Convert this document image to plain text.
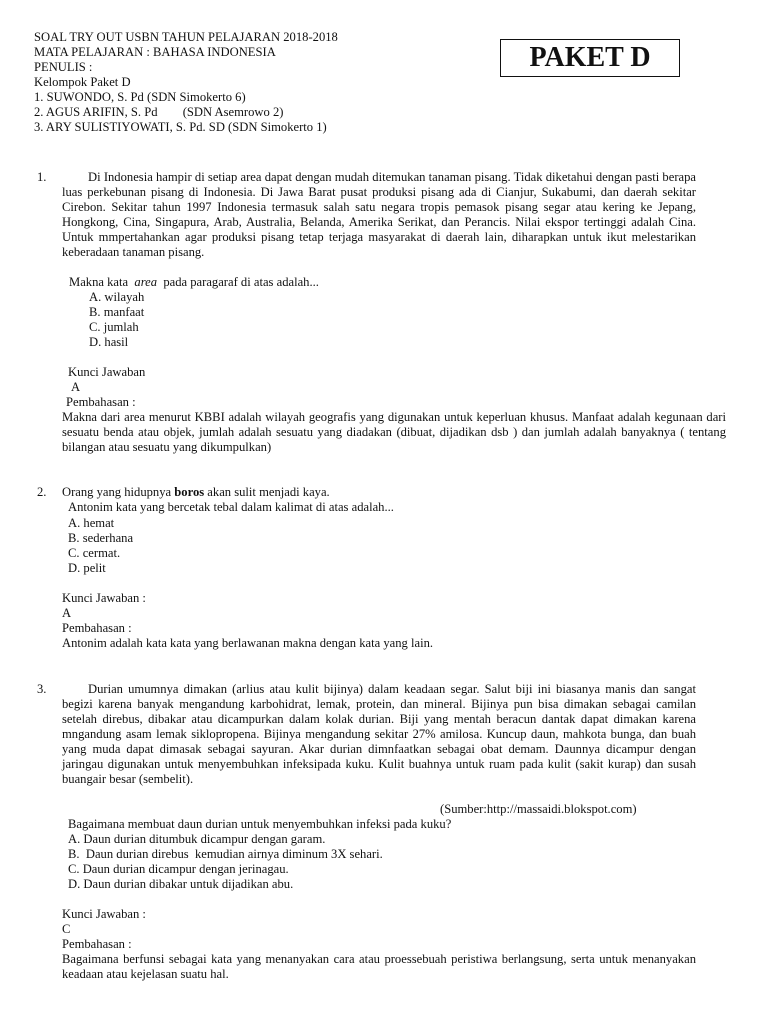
SOAL TRY OUT USBN TAHUN PELAJARAN 2018-2018
MATA PELAJARAN : BAHASA INDONESIA
PENULIS :
Kelompok Paket D
1. SUWONDO, S. Pd (SDN Simokerto 6)
2. AGUS ARIFIN, S. Pd        (SDN Asemrowo 2)
3. ARY SULISTIYOWATI, S. Pd. SD (SDN Simokerto 1)
PAKET D
1.	Di Indonesia hampir di setiap area dapat dengan mudah ditemukan tanaman pisang. Tidak diketahui dengan pasti berapa luas perkebunan pisang di Indonesia. Di Jawa Barat pusat produksi pisang ada di Cianjur, Sukabumi, dan daerah sekitar Cirebon. Sekitar tahun 1997 Indonesia termasuk salah satu negara tropis pemasok pisang segar atau kering ke Jepang, Hongkong, Cina, Singapura, Arab, Australia, Belanda, Amerika Serikat, dan Perancis. Nilai ekspor tertinggi adalah Cina. Untuk mmpertahankan agar produksi pisang tetap terjaga masyarakat di daerah lain, diharapkan untuk ikut melestarikan keberadaan tanaman pisang.
Makna kata  area  pada paragaraf di atas adalah...
A. wilayah
B. manfaat
C. jumlah
D. hasil
Kunci Jawaban
A
Pembahasan :
Makna dari area menurut KBBI adalah wilayah geografis yang digunakan untuk keperluan khusus. Manfaat adalah kegunaan dari sesuatu benda atau objek, jumlah adalah sesuatu yang diadakan (dibuat, dijadikan dsb ) dan jumlah adalah banyaknya ( tentang bilangan atau sesuatu yang dikumpulkan)
2. Orang yang hidupnya boros akan sulit menjadi kaya.
Antonim kata yang bercetak tebal dalam kalimat di atas adalah...
A. hemat
B. sederhana
C. cermat.
D. pelit
Kunci Jawaban :
A
Pembahasan :
Antonim adalah kata kata yang berlawanan makna dengan kata yang lain.
3.	Durian umumnya dimakan (arlius atau kulit bijinya) dalam keadaan segar. Salut biji ini biasanya manis dan sangat begizi karena banyak mengandung karbohidrat, lemak, protein, dan mineral. Bijinya pun bisa dimakan sebagai camilan setelah direbus, dibakar atau dicampurkan dalam kolak durian. Biji yang mentah beracun dantak dapat dimakan karena mngandung asam lemak siklopropena. Bijinya mengandung sekitar 27% amilosa. Kuncup daun, mahkota bunga, dan buah yang muda dapat dimasak sebagai sayuran. Akar durian dimnfaatkan sebagai obat demam. Daunnya dicampur dengan jaringau digunakan untuk menyembuhkan infeksipada kuku. Kulit buahnya untuk ruam pada kulit (sakit kurap) dan susah buangair besar (sembelit).
(Sumber:http://massaidi.blokspot.com)
Bagaimana membuat daun durian untuk menyembuhkan infeksi pada kuku?
A. Daun durian ditumbuk dicampur dengan garam.
B.  Daun durian direbus  kemudian airnya diminum 3X sehari.
C. Daun durian dicampur dengan jerinagau.
D. Daun durian dibakar untuk dijadikan abu.
Kunci Jawaban :
C
Pembahasan :
Bagaimana berfunsi sebagai kata yang menanyakan cara atau proessebuah peristiwa berlangsung, serta untuk menanyakan keadaan atau kejelasan suatu hal.
